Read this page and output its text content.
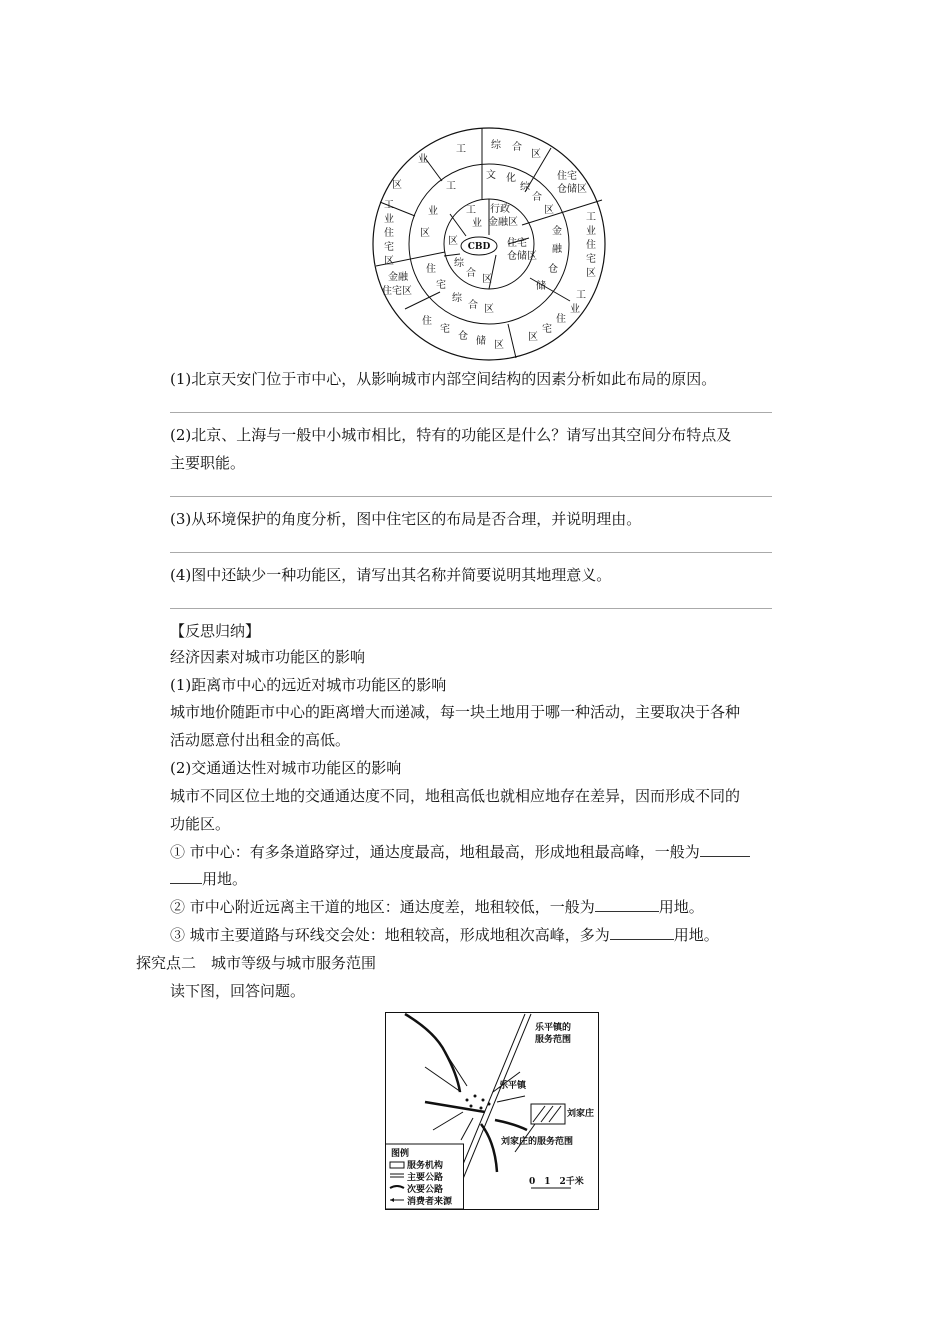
CBD
行政
金融区
住宅
仓储区
工
业
区
综
合
区
文 化
综
合
区
工
业
区	金
融
仓
储
住
宅
综
合 区
业
工
区
综 合
区
住宅
仓储区
工
业
住
宅
区
工
业
住
宅
区
金融
住宅区
住
宅
仓 储 区
区
宅
住
工
业
(1)北京天安门位于市中心，从影响城市内部空间结构的因素分析如此布局的原因。
(2)北京、上海与一般中小城市相比，特有的功能区是什么？请写出其空间分布特点及
主要职能。
(3)从环境保护的角度分析，图中住宅区的布局是否合理，并说明理由。
(4)图中还缺少一种功能区，请写出其名称并简要说明其地理意义。
【反思归纳】
经济因素对城市功能区的影响
(1)距离市中心的远近对城市功能区的影响
城市地价随距市中心的距离增大而递减，每一块土地用于哪一种活动，主要取决于各种
活动愿意付出租金的高低。
(2)交通通达性对城市功能区的影响
城市不同区位土地的交通通达度不同，地租高低也就相应地存在差异，因而形成不同的
功能区。
① 市中心：有多条道路穿过，通达度最高，地租最高，形成地租最高峰，一般为
用地。
② 市中心附近远离主干道的地区：通达度差，地租较低，一般为	用地。
③ 城市主要道路与环线交会处：地租较高，形成地租次高峰，多为	用地。
探究点二　城市等级与城市服务范围
读下图，回答问题。
乐平镇的
服务范围
乐平镇
刘家庄
刘家庄的服务范围
图例
服务机构
主要公路
次要公路
消费者来源
0　1　2千米
